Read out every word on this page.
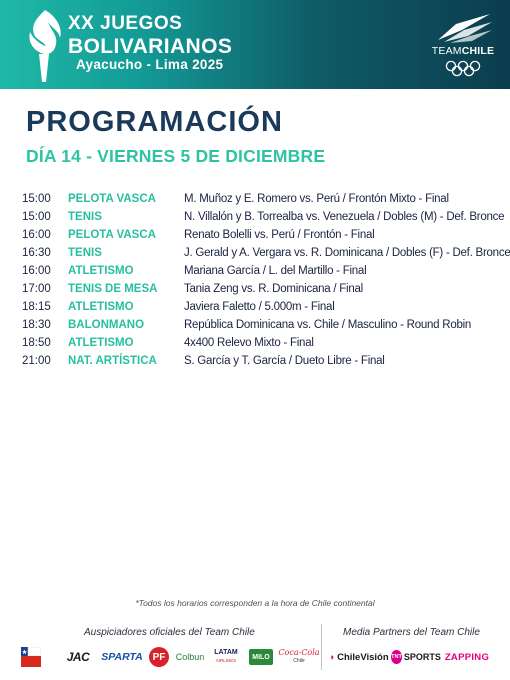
XX JUEGOS
BOLIVARIANOS
Ayacucho - Lima 2025
TEAMCHILE
PROGRAMACIÓN
DÍA 14 - VIERNES 5 DE DICIEMBRE
15:00	PELOTA VASCA	M. Muñoz y E. Romero vs. Perú / Frontón Mixto - Final
15:00	TENIS	N. Villalón y B. Torrealba vs. Venezuela / Dobles (M) - Def. Bronce
16:00	PELOTA VASCA	Renato Bolelli vs. Perú / Frontón - Final
16:30	TENIS	J. Gerald y A. Vergara vs. R. Dominicana / Dobles (F) - Def. Bronce
16:00	ATLETISMO	Mariana García / L. del Martillo - Final
17:00	TENIS DE MESA	Tania Zeng vs. R. Dominicana / Final
18:15	ATLETISMO	Javiera Faletto / 5.000m - Final
18:30	BALONMANO	República Dominicana vs. Chile / Masculino - Round Robin
18:50	ATLETISMO	4x400 Relevo Mixto - Final
21:00	NAT. ARTÍSTICA	S. García y T. García / Dueto Libre - Final
*Todos los horarios corresponden a la hora de Chile continental
Auspiciadores oficiales del Team Chile	Media Partners del Team Chile
JAC	SPARTA PF	Colbun	LATAM
AIRLINES	MILO	Coca-Cola
Chile	◗ ChileVisión TNT SPORTS ZAPPING
